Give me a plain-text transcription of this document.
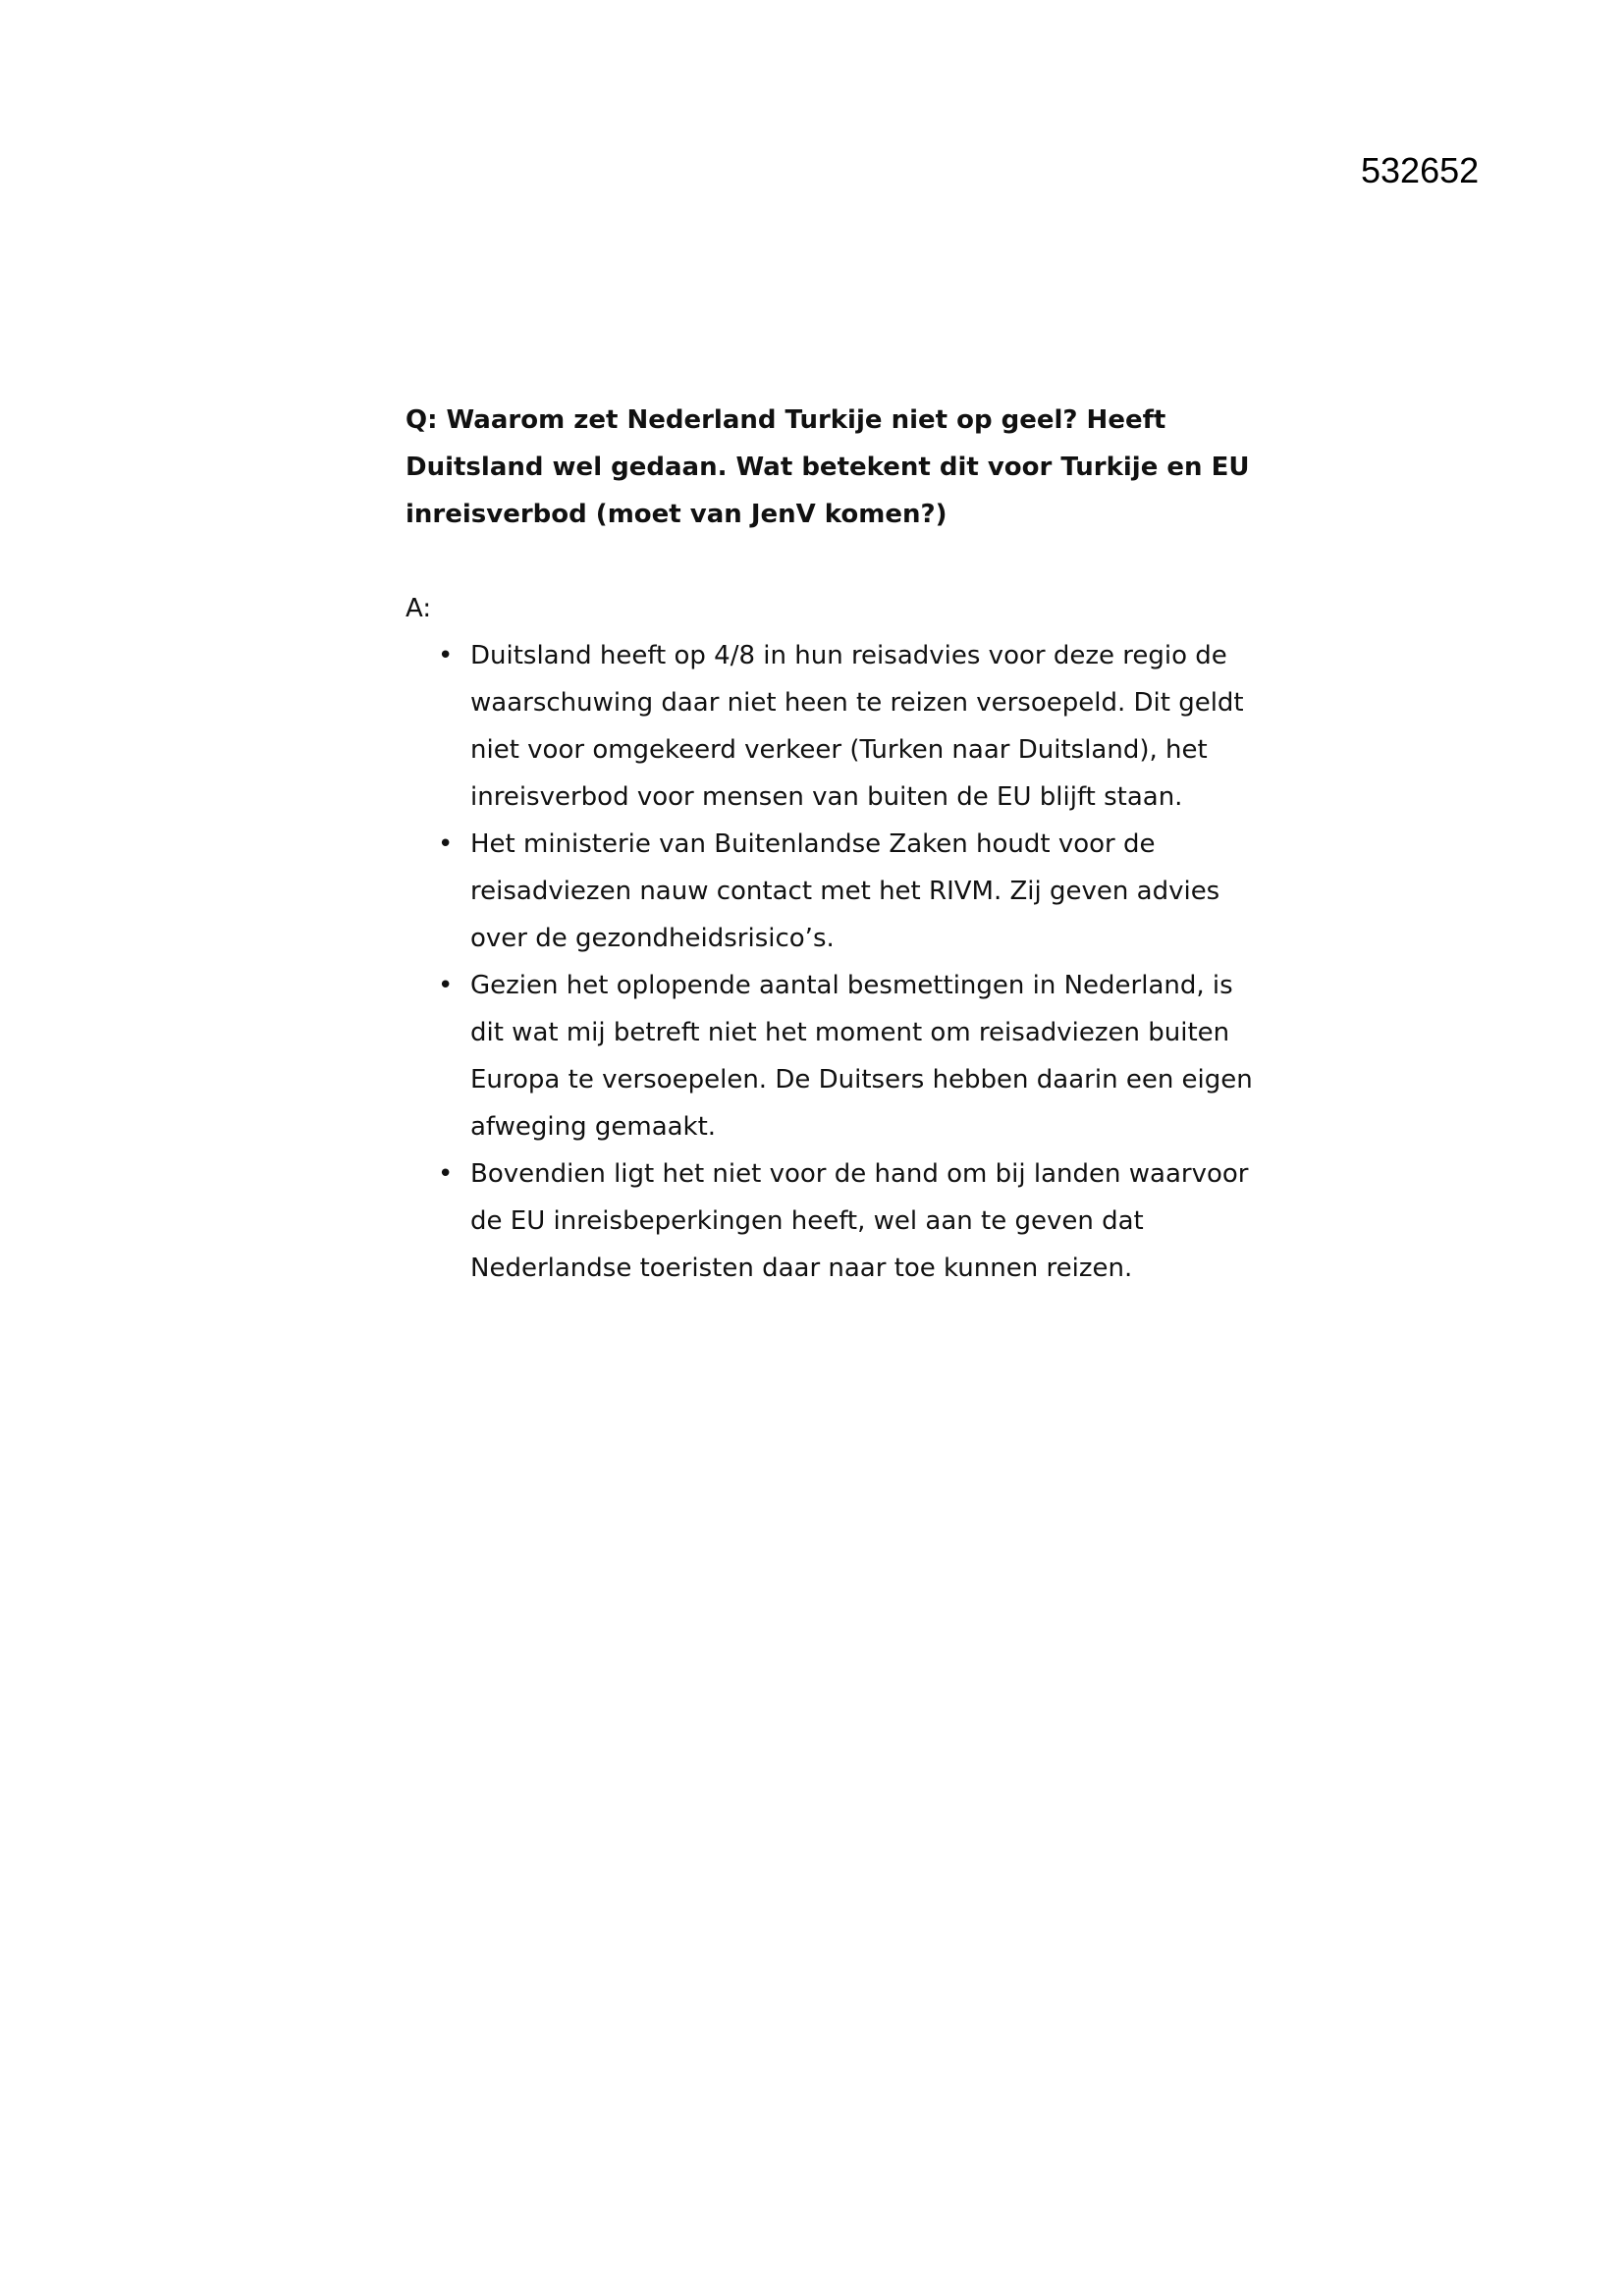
532652

Q: Waarom zet Nederland Turkije niet op geel? Heeft Duitsland wel gedaan. Wat betekent dit voor Turkije en EU inreisverbod (moet van JenV komen?)

A:

• Duitsland heeft op 4/8 in hun reisadvies voor deze regio de waarschuwing daar niet heen te reizen versoepeld. Dit geldt niet voor omgekeerd verkeer (Turken naar Duitsland), het inreisverbod voor mensen van buiten de EU blijft staan.
• Het ministerie van Buitenlandse Zaken houdt voor de reisadviezen nauw contact met het RIVM. Zij geven advies over de gezondheidsrisico’s.
• Gezien het oplopende aantal besmettingen in Nederland, is dit wat mij betreft niet het moment om reisadviezen buiten Europa te versoepelen. De Duitsers hebben daarin een eigen afweging gemaakt.
• Bovendien ligt het niet voor de hand om bij landen waarvoor de EU inreisbeperkingen heeft, wel aan te geven dat Nederlandse toeristen daar naar toe kunnen reizen.
